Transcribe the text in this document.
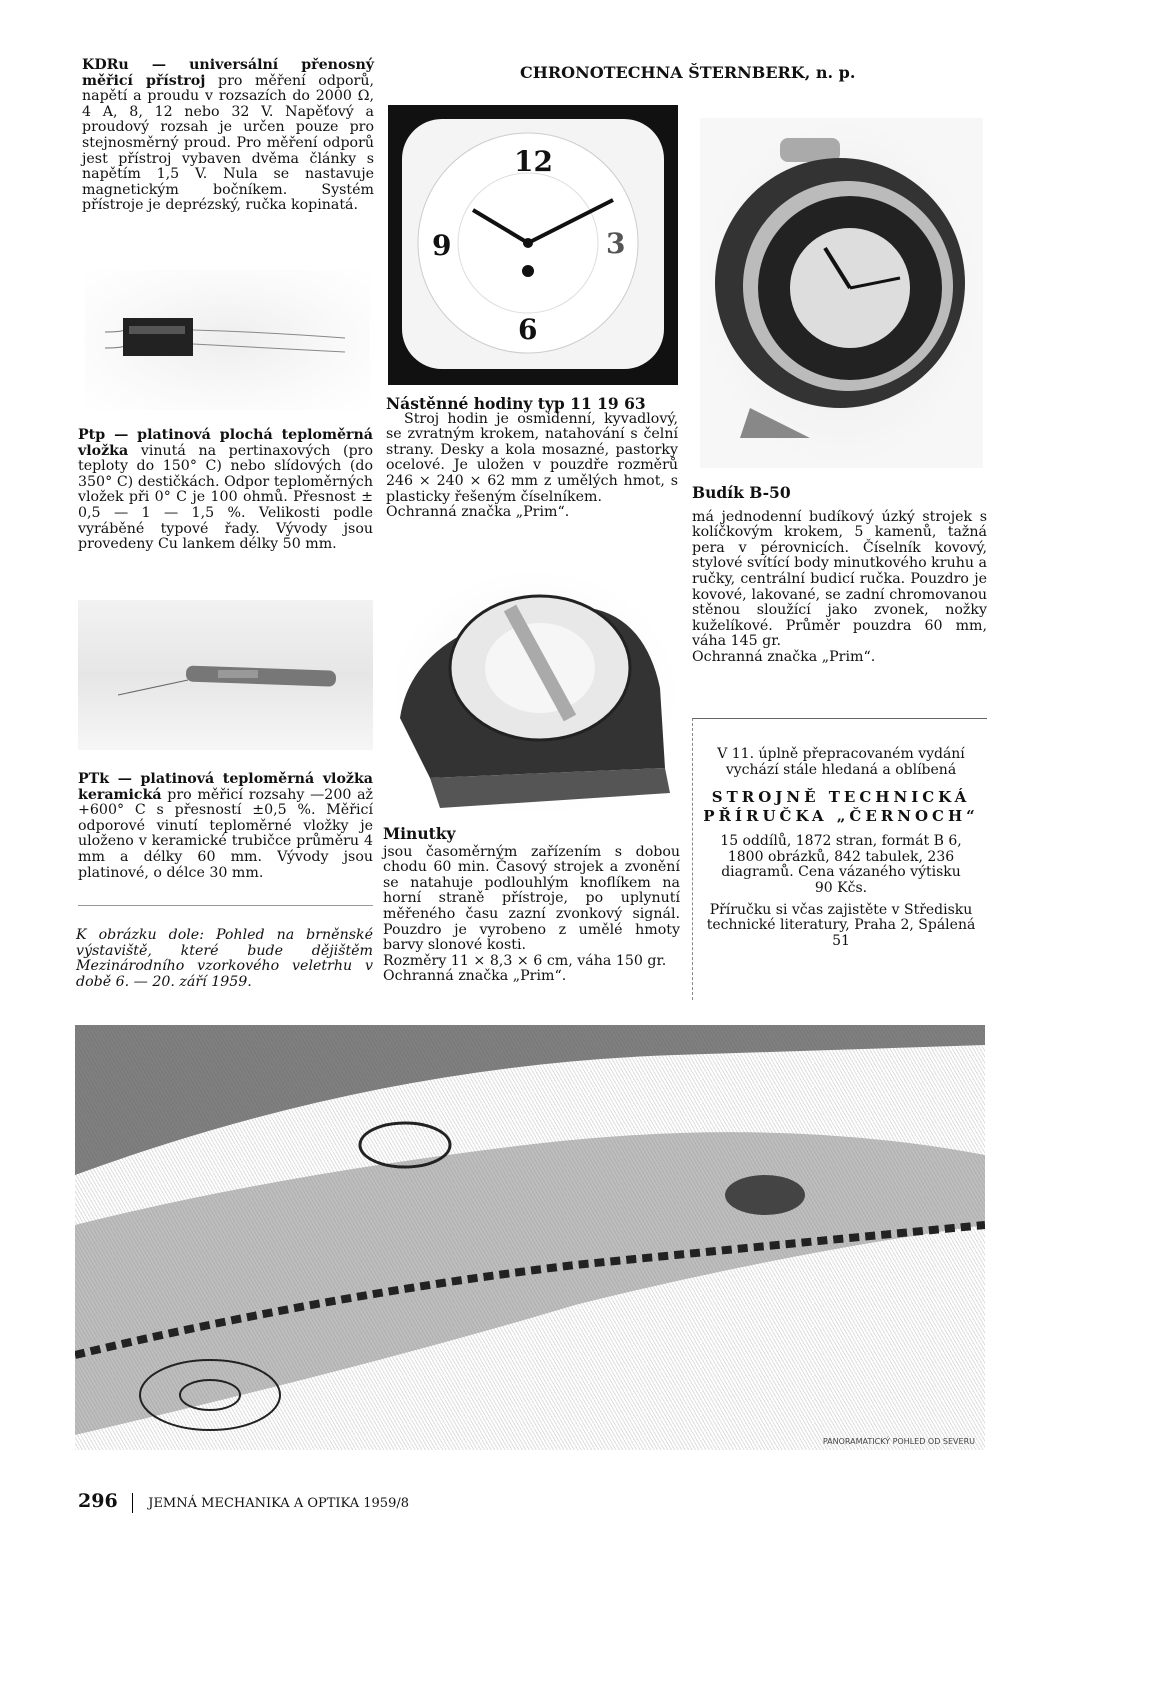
KDRu — universální přenosný měřicí přístroj pro měření odporů, napětí a proudu v rozsazích do 2000 Ω, 4 A, 8, 12 nebo 32 V. Napěťový a proudový rozsah je určen pouze pro stejnosměrný proud. Pro měření odporů jest přístroj vybaven dvěma články s napětím 1,5 V. Nula se nastavuje magnetickým bočníkem. Systém přístroje je deprézský, ručka kopinatá.

Ptp — platinová plochá teploměrná vložka vinutá na pertinaxových (pro teploty do 150° C) nebo slídových (do 350° C) destičkách. Odpor teploměrných vložek při 0° C je 100 ohmů. Přesnost ± 0,5 — 1 — 1,5 %. Velikosti podle vyráběné typové řady. Vývody jsou provedeny Cu lankem délky 50 mm.

PTk — platinová teploměrná vložka keramická pro měřicí rozsahy —200 až +600° C s přesností ±0,5 %. Měřicí odporové vinutí teploměrné vložky je uloženo v keramické trubičce průměru 4 mm a délky 60 mm. Vývody jsou platinové, o délce 30 mm.

K obrázku dole: Pohled na brněnské výstaviště, které bude dějištěm Mezinárodního vzorkového veletrhu v době 6. — 20. září 1959.
CHRONOTECHNA ŠTERNBERK, n. p.
12
3
6
9

Nástěnné hodiny typ 11 19 63

Stroj hodin je osmidenní, kyvadlový, se zvratným krokem, natahování s čelní strany. Desky a kola mosazné, pastorky ocelové. Je uložen v pouzdře rozměrů 246 × 240 × 62 mm z umělých hmot, s plasticky řešeným číselníkem.

Ochranná značka „Prim“.

Minutky

jsou časoměrným zařízením s dobou chodu 60 min. Časový strojek a zvonění se natahuje podlouhlým knoflíkem na horní straně přístroje, po uplynutí měřeného času zazní zvonkový signál. Pouzdro je vyrobeno z umělé hmoty barvy slonové kosti.

Rozměry 11 × 8,3 × 6 cm, váha 150 gr.

Ochranná značka „Prim“.

Budík B-50

má jednodenní budíkový úzký strojek s kolíčkovým krokem, 5 kamenů, tažná pera v pérovnicích. Číselník kovový, stylové svítící body minutkového kruhu a ručky, centrální budicí ručka. Pouzdro je kovové, lakované, se zadní chromovanou stěnou sloužící jako zvonek, nožky kuželíkové. Průměr pouzdra 60 mm, váha 145 gr.

Ochranná značka „Prim“.

V 11. úplně přepracovaném vydání vychází stále hledaná a oblíbená

STROJNĚ TECHNICKÁ
PŘÍRUČKA „ČERNOCH“

15 oddílů, 1872 stran, formát B 6, 1800 obrázků, 842 tabulek, 236 diagramů. Cena vázaného výtisku

90 Kčs.

Příručku si včas zajistěte v Středisku technické literatury, Praha 2, Spálená 51

PANORAMATICKÝ POHLED OD SEVERU
296 JEMNÁ MECHANIKA A OPTIKA 1959/8
